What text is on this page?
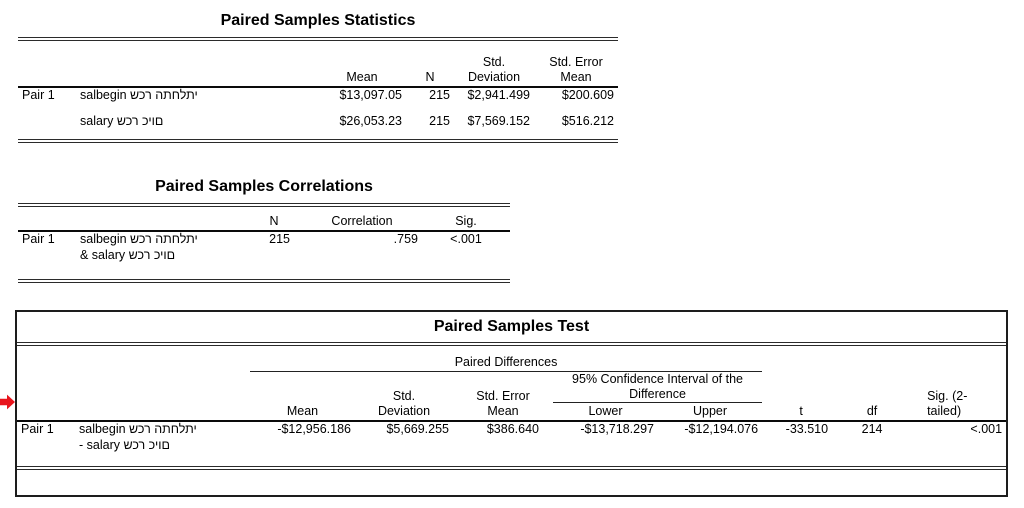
Paired Samples Statistics
		Mean	N	Std. Deviation	Std. Error Mean
Pair 1	salbegin שכר התחלתי	$13,097.05	215	$2,941.499	$200.609
	salary שכר כיום	$26,053.23	215	$7,569.152	$516.212
Paired Samples Correlations
		N	Correlation	Sig.
Pair 1	salbegin שכר התחלתי
& salary שכר כיום	215	.759	<.001
Paired Samples Test
		Paired Differences					t	df	Sig. (2-tailed)
		Mean	Std. Deviation	Std. Error Mean	95% Confidence Interval of the Difference				
					Lower	Upper			
Pair 1	salbegin שכר התחלתי
- salary שכר כיום	-$12,956.186	$5,669.255	$386.640	-$13,718.297	-$12,194.076	-33.510	214	<.001
